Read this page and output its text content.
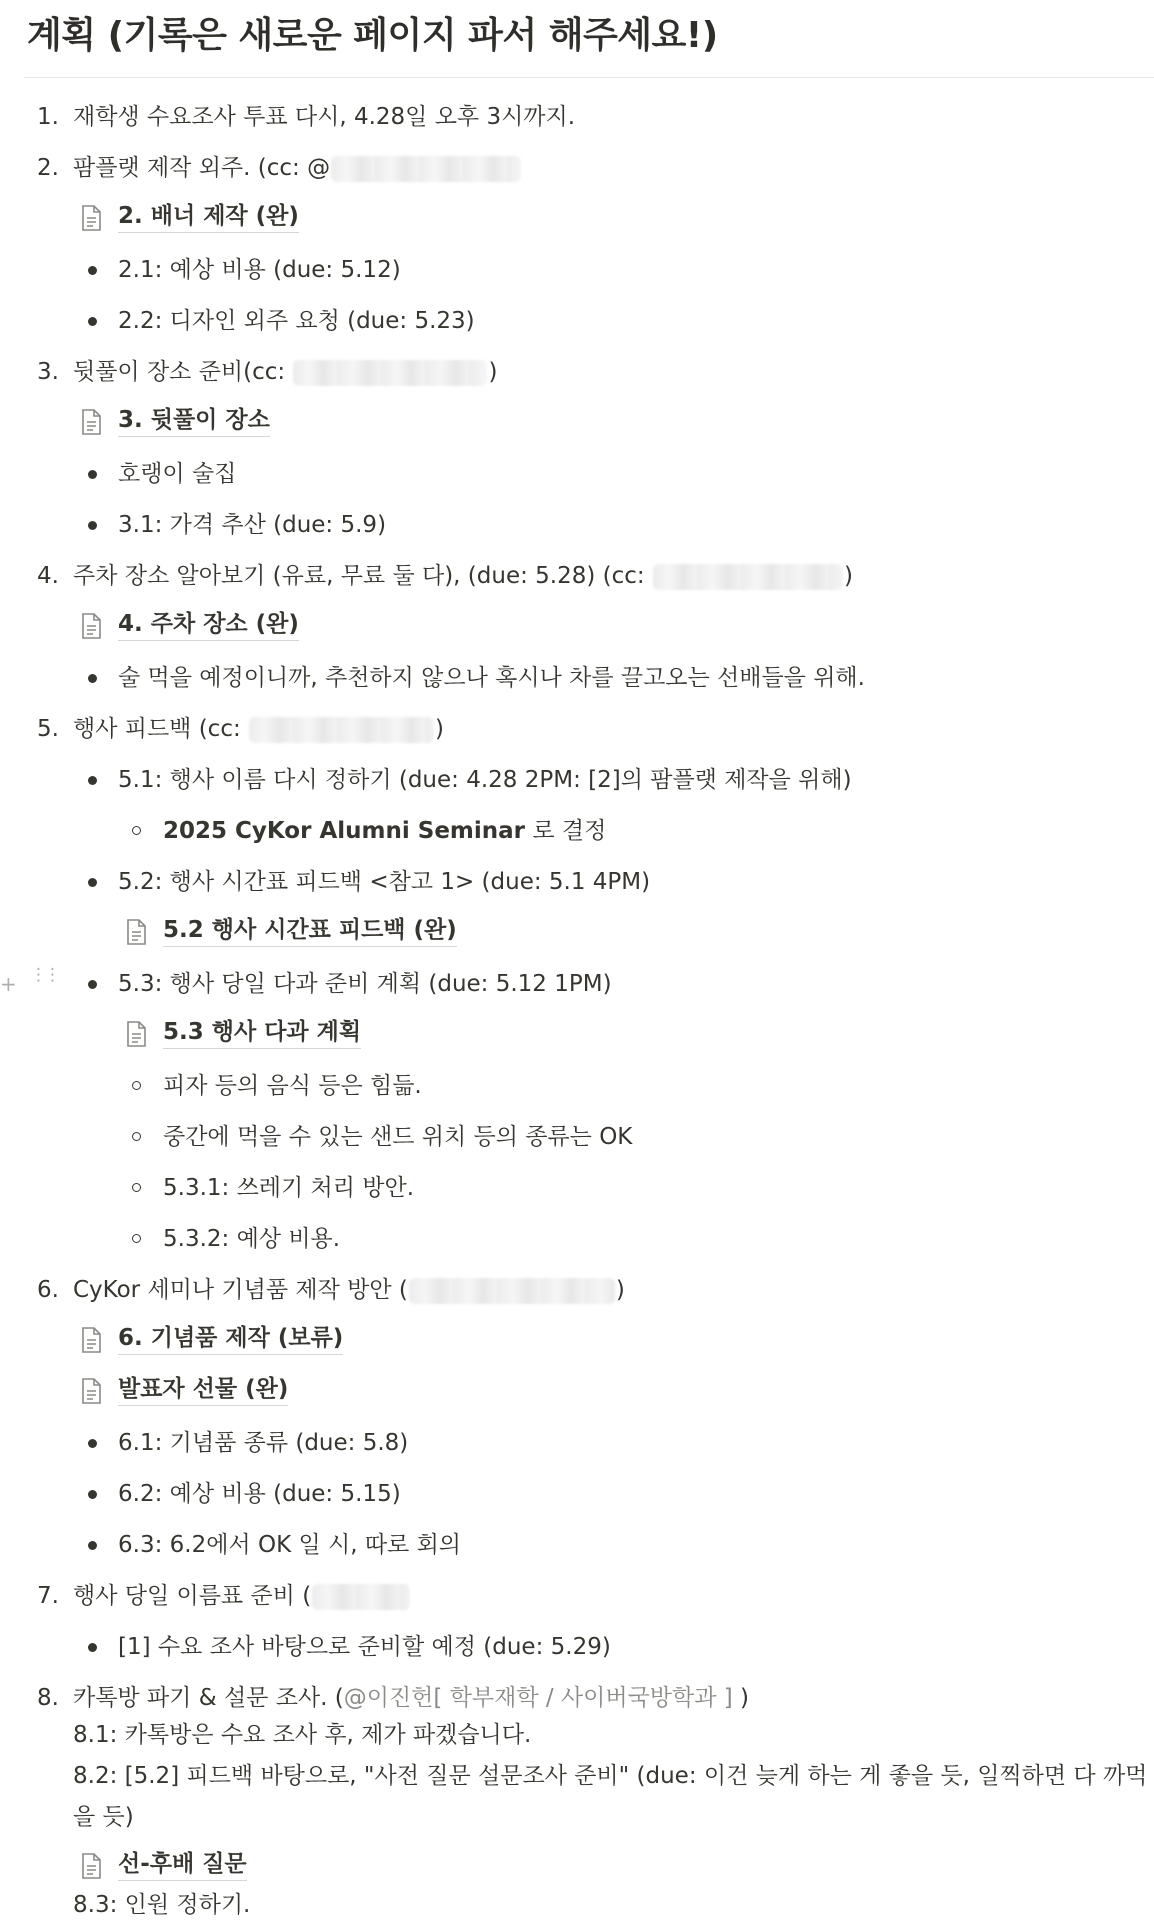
계획 (기록은 새로운 페이지 파서 해주세요!)
1. 재학생 수요조사 투표 다시, 4.28일 오후 3시까지.
2. 팜플랫 제작 외주. (cc: @
2. 배너 제작 (완)
2.1: 예상 비용 (due: 5.12)
2.2: 디자인 외주 요청 (due: 5.23)
3. 뒷풀이 장소 준비(cc:	)
3. 뒷풀이 장소
호랭이 술집
3.1: 가격 추산 (due: 5.9)
4. 주차 장소 알아보기 (유료, 무료 둘 다), (due: 5.28) (cc:	)
4. 주차 장소 (완)
술 먹을 예정이니까, 추천하지 않으나 혹시나 차를 끌고오는 선배들을 위해.
5. 행사 피드백 (cc:	)
5.1: 행사 이름 다시 정하기 (due: 4.28 2PM: [2]의 팜플랫 제작을 위해)
2025 CyKor Alumni Seminar 로 결정
5.2: 행사 시간표 피드백 <참고 1> (due: 5.1 4PM)
5.2 행사 시간표 피드백 (완)
+ ⋮⋮	5.3: 행사 당일 다과 준비 계획 (due: 5.12 1PM)
5.3 행사 다과 계획
피자 등의 음식 등은 힘듦.
중간에 먹을 수 있는 샌드 위치 등의 종류는 OK
5.3.1: 쓰레기 처리 방안.
5.3.2: 예상 비용.
6. CyKor 세미나 기념품 제작 방안 (	)
6. 기념품 제작 (보류)
발표자 선물 (완)
6.1: 기념품 종류 (due: 5.8)
6.2: 예상 비용 (due: 5.15)
6.3: 6.2에서 OK 일 시, 따로 회의
7. 행사 당일 이름표 준비 (
[1] 수요 조사 바탕으로 준비할 예정 (due: 5.29)
8. 카톡방 파기 & 설문 조사. (@이진헌[ 학부재학 / 사이버국방학과 ] )
8.1: 카톡방은 수요 조사 후, 제가 파겠습니다.
8.2: [5.2] 피드백 바탕으로, "사전 질문 설문조사 준비" (due: 이건 늦게 하는 게 좋을 듯, 일찍하면 다 까먹
을 듯)
선-후배 질문
8.3: 인원 정하기.
